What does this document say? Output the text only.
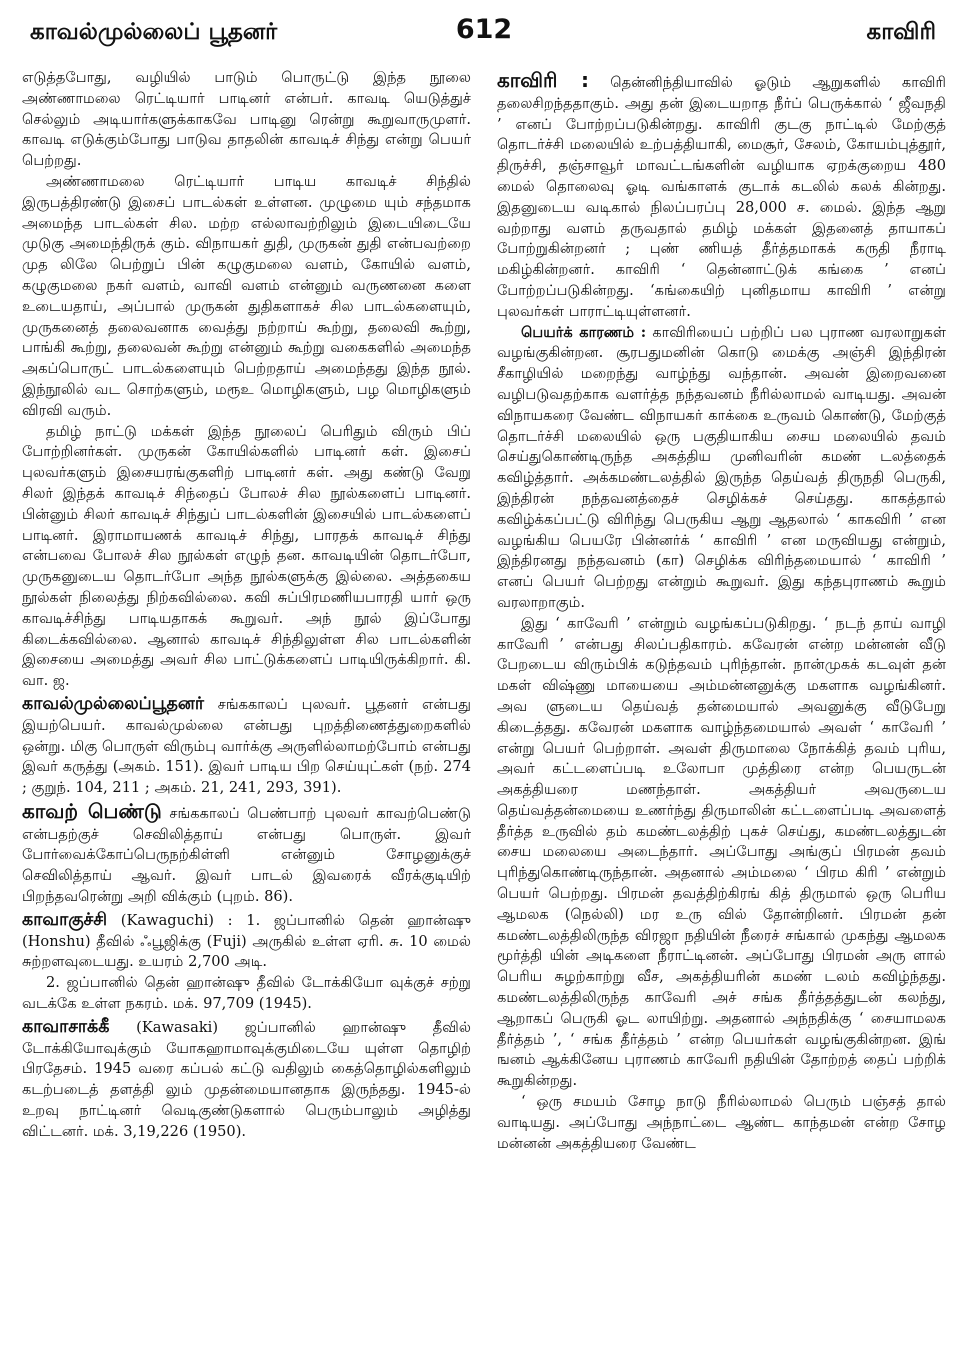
காவல்முல்லைப் பூதனர்	612	காவிரி

எடுத்தபோது, வழியில் பாடும் பொருட்டு இந்த நூலை அண்ணாமலை ரெட்டியார் பாடினர் என்பர். காவடி யெடுத்துச் செல்லும் அடியார்களுக்காகவே பாடினு ரென்று கூறுவாருமுளர். காவடி எடுக்கும்போது பாடுவ தாதலின் காவடிச் சிந்து என்று பெயர் பெற்றது.

அண்ணாமலை ரெட்டியார் பாடிய காவடிச் சிந்தில் இருபத்திரண்டு இசைப் பாடல்கள் உள்ளன. முழுமை யும் சந்தமாக அமைந்த பாடல்கள் சில. மற்ற எல்லாவற்றிலும் இடையிடையே முடுகு அமைந்திருக் கும். விநாயகர் துதி, முருகன் துதி என்பவற்றை முத லிலே பெற்றுப் பின் கழுகுமலை வளம், கோயில் வளம், கழுகுமலை நகர் வளம், வாவி வளம் என்னும் வருணனை களை உடையதாய், அப்பால் முருகன் துதிகளாகச் சில பாடல்களையும், முருகனைத் தலைவனாக வைத்து நற்றாய் கூற்று, தலைவி கூற்று, பாங்கி கூற்று, தலைவன் கூற்று என்னும் கூற்று வகைகளில் அமைந்த அகப்பொருட் பாடல்களையும் பெற்றதாய் அமைந்தது இந்த நூல். இந்நூலில் வட சொற்களும், மரூஉ மொழிகளும், பழ மொழிகளும் விரவி வரும்.

தமிழ் நாட்டு மக்கள் இந்த நூலைப் பெரிதும் விரும் பிப் போற்றினர்கள். முருகன் கோயில்களில் பாடினர் கள். இசைப் புலவர்களும் இசையரங்குகளிற் பாடினர் கள். அது கண்டு வேறு சிலர் இந்தக் காவடிச் சிந்தைப் போலச் சில நூல்களைப் பாடினர். பின்னும் சிலர் காவடிச் சிந்துப் பாடல்களின் இசையில் பாடல்களைப் பாடினர். இராமாயணக் காவடிச் சிந்து, பாரதக் காவடிச் சிந்து என்பவை போலச் சில நூல்கள் எழுந் தன. காவடியின் தொடர்போ, முருகனுடைய தொடர்போ அந்த நூல்களுக்கு இல்லை. அத்தகைய நூல்கள் நிலைத்து நிற்கவில்லை. கவி சுப்பிரமணியபாரதி யார் ஒரு காவடிச்சிந்து பாடியதாகக் கூறுவர். அந் நூல் இப்போது கிடைக்கவில்லை. ஆனால் காவடிச் சிந்திலுள்ள சில பாடல்களின் இசையை அமைத்து அவர் சில பாட்டுக்களைப் பாடியிருக்கிறார். கி. வா. ஜ.

காவல்முல்லைப்பூதனர் சங்ககாலப் புலவர். பூதனர் என்பது இயற்பெயர். காவல்முல்லை என்பது புறத்திணைத்துறைகளில் ஒன்று. மிகு பொருள் விரும்பு வார்க்கு அருளில்லாமற்போம் என்பது இவர் கருத்து (அகம். 151). இவர் பாடிய பிற செய்யுட்கள் (நற். 274 ; குறுந். 104, 211 ; அகம். 21, 241, 293, 391).

காவற் பெண்டு சங்ககாலப் பெண்பாற் புலவர் காவற்பெண்டு என்பதற்குச் செவிலித்தாய் என்பது பொருள். இவர் போர்வைக்கோப்பெருநற்கிள்ளி என்னும் சோழனுக்குச் செவிலித்தாய் ஆவர். இவர் பாடல் இவரைக் வீரக்குடியிற் பிறந்தவரென்று அறி விக்கும் (புறம். 86).

காவாகுச்சி (Kawaguchi) : 1. ஜப்பானில் தென் ஹான்ஷு (Honshu) தீவில் ஃபூஜிக்கு (Fuji) அருகில் உள்ள ஏரி. சு. 10 மைல் சுற்றளவுடையது. உயரம் 2,700 அடி.

2. ஜப்பானில் தென் ஹான்ஷு தீவில் டோக்கியோ வுக்குச் சற்று வடக்கே உள்ள நகரம். மக். 97,709 (1945).

காவாசாக்கீ (Kawasaki) ஜப்பானில் ஹான்ஷு தீவில் டோக்கியோவுக்கும் யோகஹாமாவுக்குமிடையே யுள்ள தொழிற் பிரதேசம். 1945 வரை கப்பல் கட்டு வதிலும் கைத்தொழில்களிலும் கடற்படைத் தளத்தி லும் முதன்மையானதாக இருந்தது. 1945-ல் உறவு நாட்டினர் வெடிகுண்டுகளால் பெரும்பாலும் அழித்து விட்டனர். மக். 3,19,226 (1950).

காவிரி : தென்னிந்தியாவில் ஓடும் ஆறுகளில் காவிரி தலைசிறந்ததாகும். அது தன் இடையறாத நீர்ப் பெருக்கால் ‘ ஜீவநதி ’ எனப் போற்றப்படுகின்றது. காவிரி குடகு நாட்டில் மேற்குத் தொடர்ச்சி மலையில் உற்பத்தியாகி, மைசூர், சேலம், கோயம்புத்தூர், திருச்சி, தஞ்சாவூர் மாவட்டங்களின் வழியாக ஏறக்குறைய 480 மைல் தொலைவு ஓடி வங்காளக் குடாக் கடலில் கலக் கின்றது. இதனுடைய வடிகால் நிலப்பரப்பு 28,000 ச. மைல். இந்த ஆறு வற்றாது வளம் தருவதால் தமிழ் மக்கள் இதனைத் தாயாகப் போற்றுகின்றனர் ; புண் ணியத் தீர்த்தமாகக் கருதி நீராடி மகிழ்கின்றனர். காவிரி ‘ தென்னாட்டுக் கங்கை ’ எனப் போற்றப்படுகின்றது. ‘கங்கையிற் புனிதமாய காவிரி ’ என்று புலவர்கள் பாராட்டியுள்ளனர்.

பெயர்க் காரணம் : காவிரியைப் பற்றிப் பல புராண வரலாறுகள் வழங்குகின்றன. சூரபதுமனின் கொடு மைக்கு அஞ்சி இந்திரன் சீகாழியில் மறைந்து வாழ்ந்து வந்தான். அவன் இறைவனை வழிபடுவதற்காக வளர்த்த நந்தவனம் நீரில்லாமல் வாடியது. அவன் விநாயகரை வேண்ட விநாயகர் காக்கை உருவம் கொண்டு, மேற்குத் தொடர்ச்சி மலையில் ஒரு பகுதியாகிய சைய மலையில் தவம் செய்துகொண்டிருந்த அகத்திய முனிவரின் கமண் டலத்தைக் கவிழ்த்தார். அக்கமண்டலத்தில் இருந்த தெய்வத் திருநதி பெருகி, இந்திரன் நந்தவனத்தைச் செழிக்கச் செய்தது. காகத்தால் கவிழ்க்கப்பட்டு விரிந்து பெருகிய ஆறு ஆதலால் ‘ காகவிரி ’ என வழங்கிய பெயரே பின்னர்க் ‘ காவிரி ’ என மருவியது என்றும், இந்திரனது நந்தவனம் (கா) செழிக்க விரிந்தமையால் ‘ காவிரி ’ எனப் பெயர் பெற்றது என்றும் கூறுவர். இது கந்தபுராணம் கூறும் வரலாறாகும்.

இது ‘ காவேரி ’ என்றும் வழங்கப்படுகிறது. ‘ நடந் தாய் வாழி காவேரி ’ என்பது சிலப்பதிகாரம். கவேரன் என்ற மன்னன் வீடு பேறடைய விரும்பிக் கடுந்தவம் புரிந்தான். நான்முகக் கடவுள் தன் மகள் விஷ்ணு மாயையை அம்மன்னனுக்கு மகளாக வழங்கினர். அவ ளுடைய தெய்வத் தன்மையால் அவனுக்கு வீடுபேறு கிடைத்தது. கவேரன் மகளாக வாழ்ந்தமையால் அவள் ‘ காவேரி ’ என்று பெயர் பெற்றாள். அவள் திருமாலை நோக்கித் தவம் புரிய, அவர் கட்டளைப்படி உலோபா முத்திரை என்ற பெயருடன் அகத்தியரை மணந்தாள். அகத்தியர் அவருடைய தெய்வத்தன்மையை உணர்ந்து திருமாலின் கட்டளைப்படி அவளைத் தீர்த்த உருவில் தம் கமண்டலத்திற் புகச் செய்து, கமண்டலத்துடன் சைய மலையை அடைந்தார். அப்போது அங்குப் பிரமன் தவம் புரிந்துகொண்டிருந்தான். அதனால் அம்மலை ‘ பிரம கிரி ’ என்றும் பெயர் பெற்றது. பிரமன் தவத்திற்கிரங் கித் திருமால் ஒரு பெரிய ஆமலக (நெல்லி) மர உரு வில் தோன்றினர். பிரமன் தன் கமண்டலத்திலிருந்த விரஜா நதியின் நீரைச் சங்கால் முகந்து ஆமலக மூர்த்தி யின் அடிகளை நீராட்டினன். அப்போது பிரமன் அரு ளால் பெரிய சுழற்காற்று வீச, அகத்தியரின் கமண் டலம் கவிழ்ந்தது. கமண்டலத்திலிருந்த காவேரி அச் சங்க தீர்த்தத்துடன் கலந்து, ஆறாகப் பெருகி ஓட லாயிற்று. அதனால் அந்நதிக்கு ‘ சையாமலக தீர்த்தம் ’, ‘ சங்க தீர்த்தம் ’ என்ற பெயர்கள் வழங்குகின்றன. இங் ஙனம் ஆக்கினேய புராணம் காவேரி நதியின் தோற்றத் தைப் பற்றிக் கூறுகின்றது.

‘ ஒரு சமயம் சோழ நாடு நீரில்லாமல் பெரும் பஞ்சத் தால் வாடியது. அப்போது அந்நாட்டை ஆண்ட காந்தமன் என்ற சோழ மன்னன் அகத்தியரை வேண்ட
